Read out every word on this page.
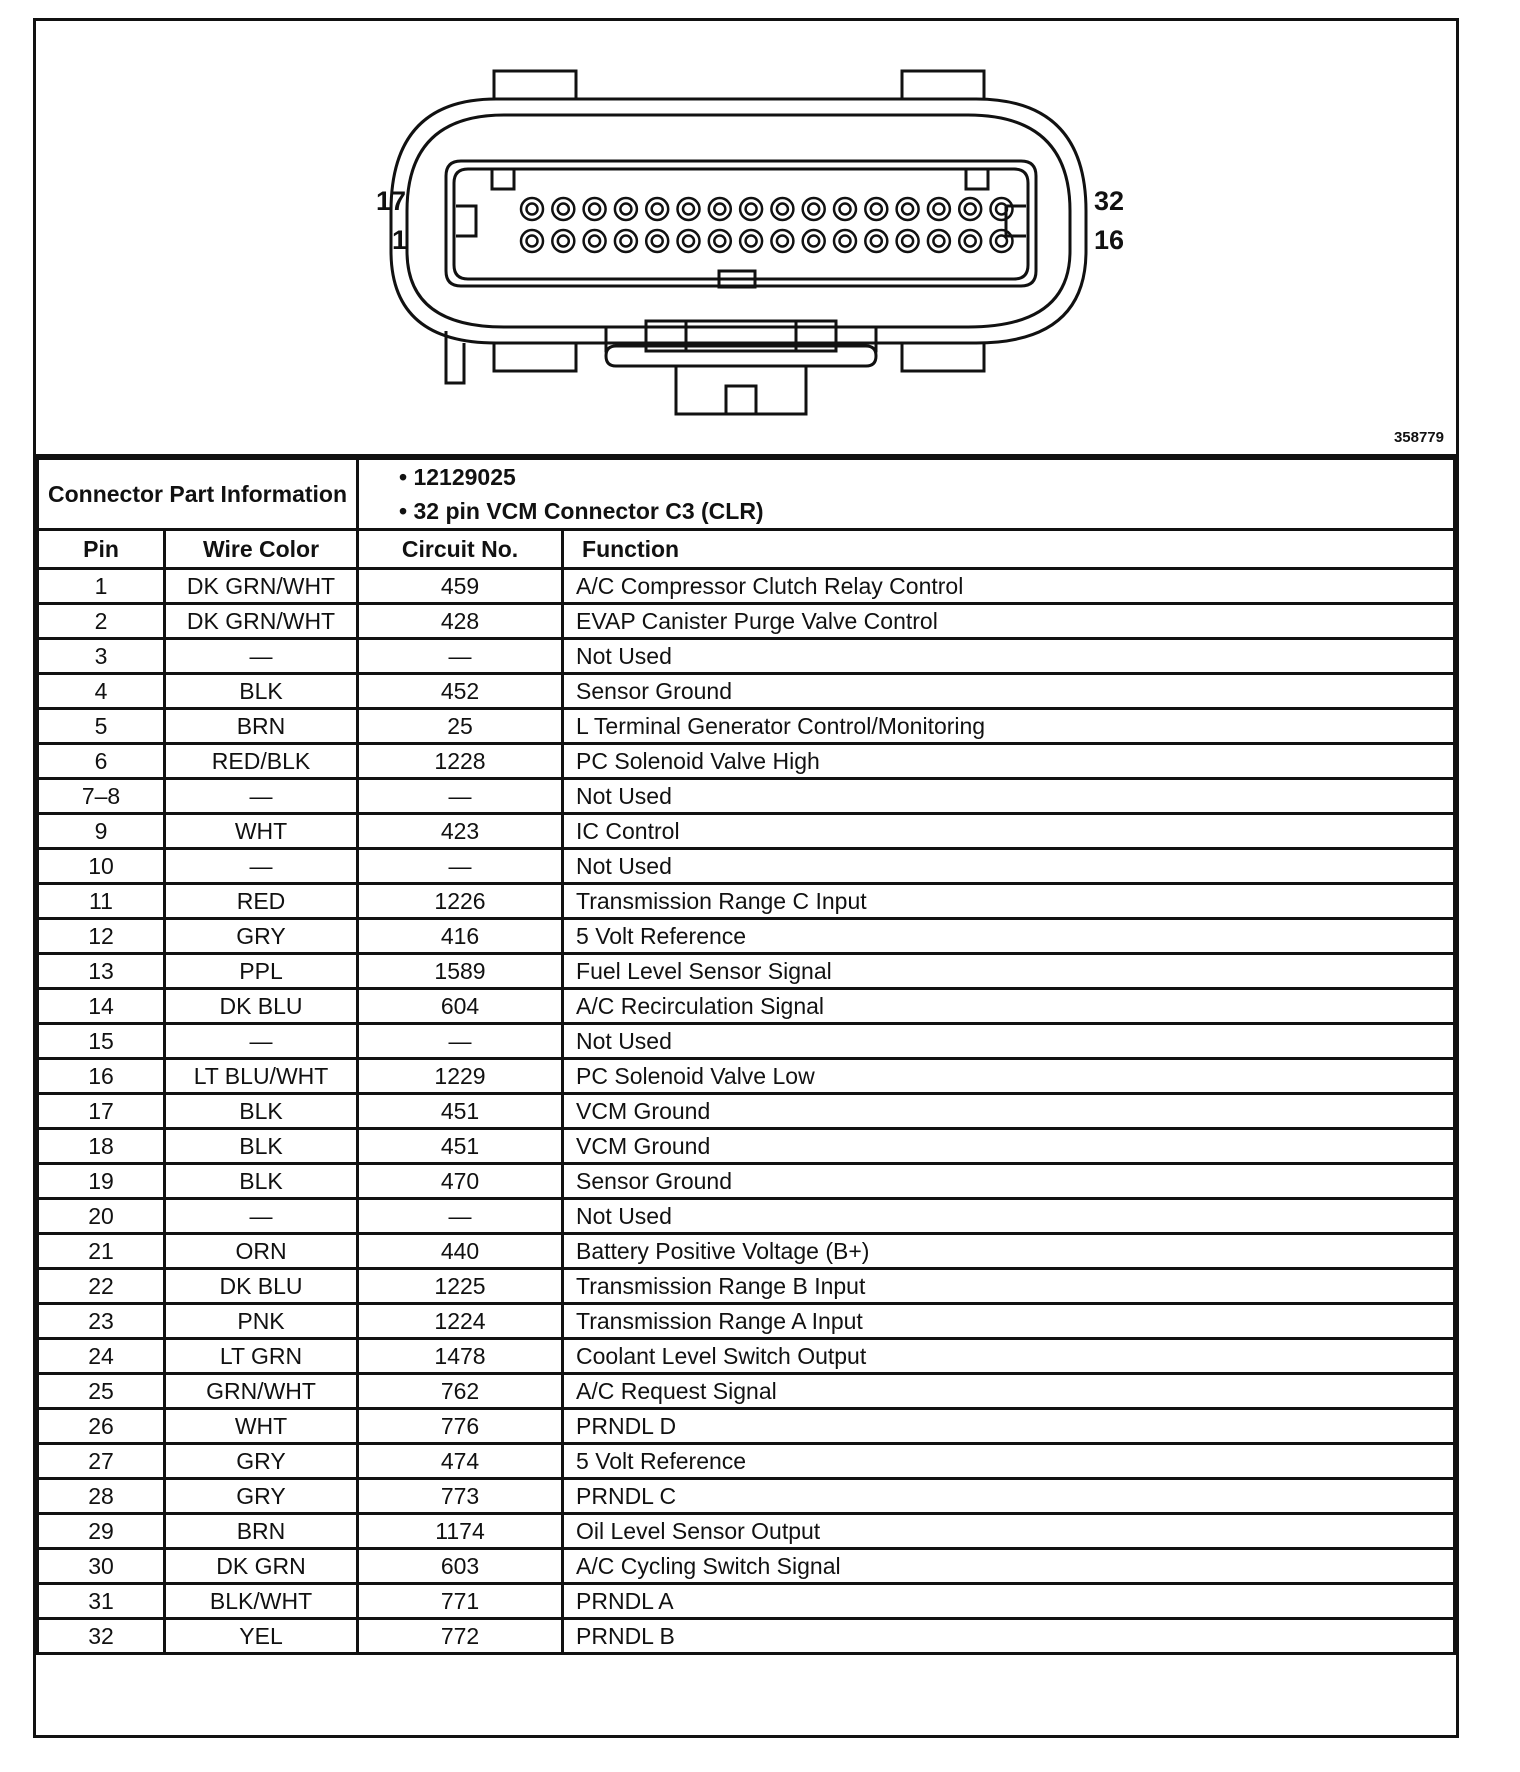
17
1
32
16
358779
Connector Part Information		• 12129025
• 32 pin VCM Connector C3 (CLR)

Pin	Wire Color	Circuit No.	Function
1	DK GRN/WHT	459	A/C Compressor Clutch Relay Control
2	DK GRN/WHT	428	EVAP Canister Purge Valve Control
3	—	—	Not Used
4	BLK	452	Sensor Ground
5	BRN	25	L Terminal Generator Control/Monitoring
6	RED/BLK	1228	PC Solenoid Valve High
7–8	—	—	Not Used
9	WHT	423	IC Control
10	—	—	Not Used
11	RED	1226	Transmission Range C Input
12	GRY	416	5 Volt Reference
13	PPL	1589	Fuel Level Sensor Signal
14	DK BLU	604	A/C Recirculation Signal
15	—	—	Not Used
16	LT BLU/WHT	1229	PC Solenoid Valve Low
17	BLK	451	VCM Ground
18	BLK	451	VCM Ground
19	BLK	470	Sensor Ground
20	—	—	Not Used
21	ORN	440	Battery Positive Voltage (B+)
22	DK BLU	1225	Transmission Range B Input
23	PNK	1224	Transmission Range A Input
24	LT GRN	1478	Coolant Level Switch Output
25	GRN/WHT	762	A/C Request Signal
26	WHT	776	PRNDL D
27	GRY	474	5 Volt Reference
28	GRY	773	PRNDL C
29	BRN	1174	Oil Level Sensor Output
30	DK GRN	603	A/C Cycling Switch Signal
31	BLK/WHT	771	PRNDL A
32	YEL	772	PRNDL B
